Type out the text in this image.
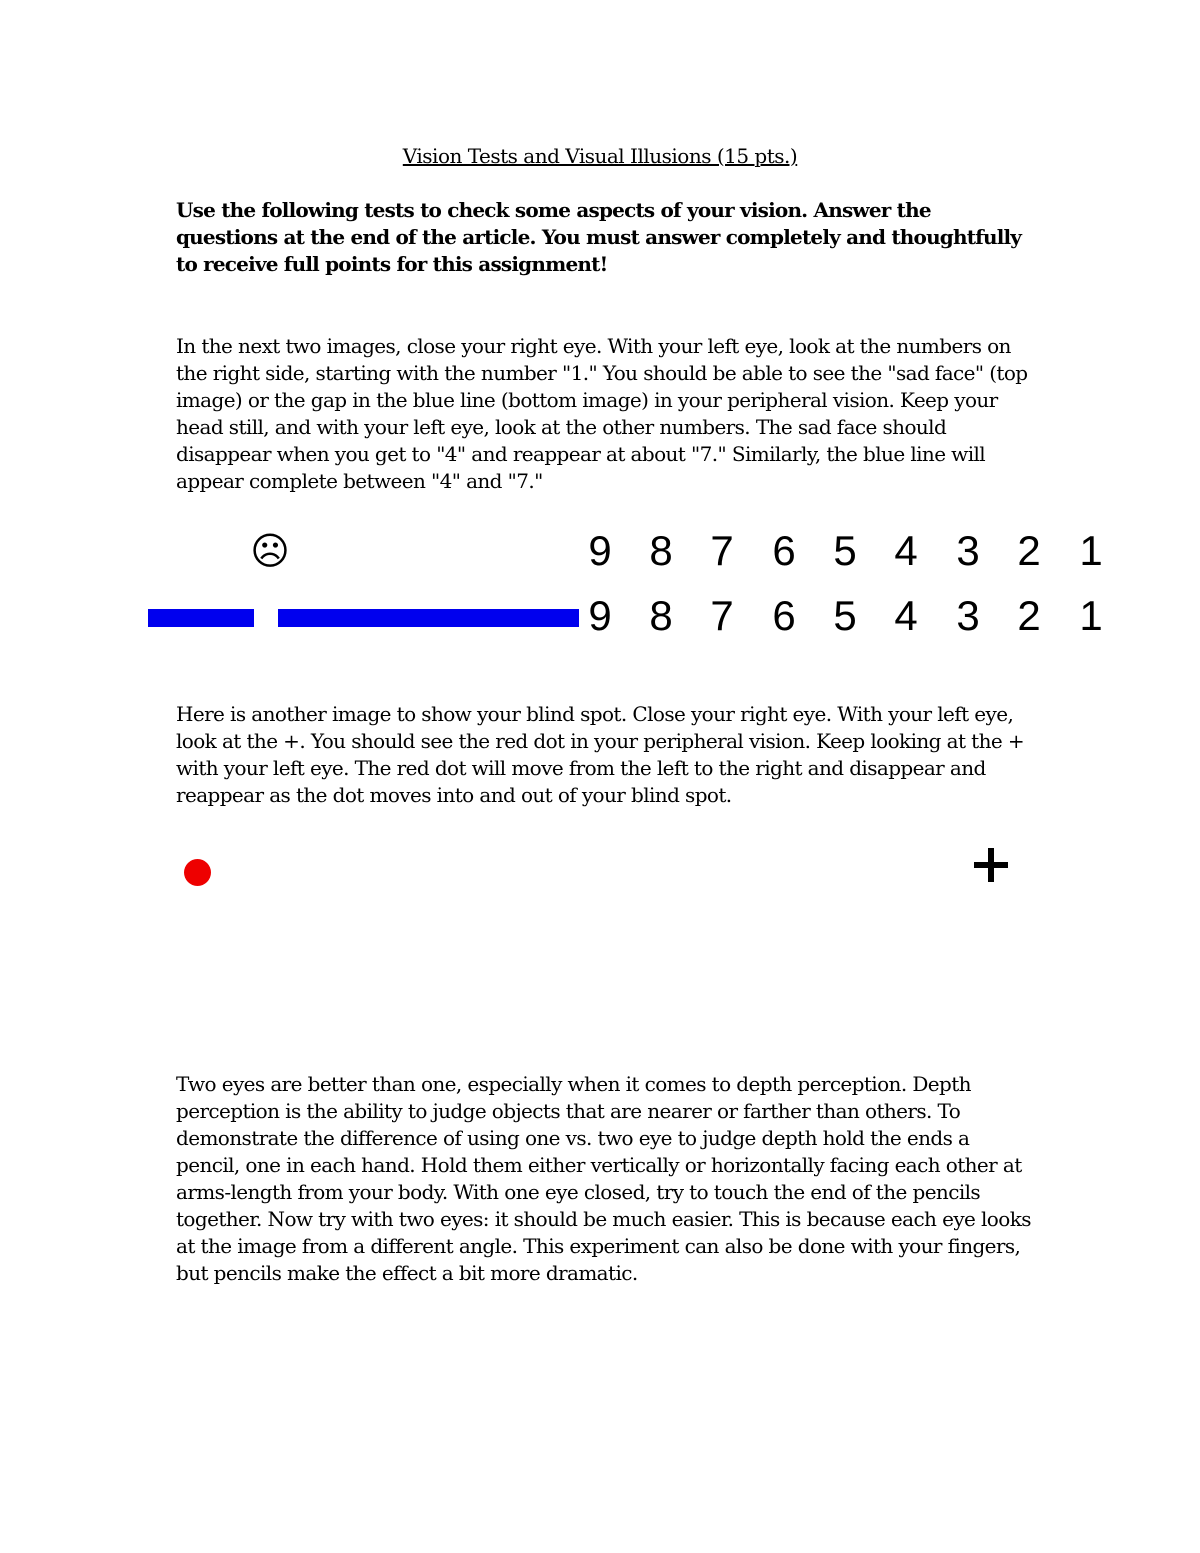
Vision Tests and Visual Illusions (15 pts.)

Use the following tests to check some aspects of your vision. Answer the questions at the end of the article. You must answer completely and thoughtfully to receive full points for this assignment!

In the next two images, close your right eye. With your left eye, look at the numbers on the right side, starting with the number "1." You should be able to see the "sad face" (top image) or the gap in the blue line (bottom image) in your peripheral vision. Keep your head still, and with your left eye, look at the other numbers. The sad face should disappear when you get to "4" and reappear at about "7." Similarly, the blue line will appear complete between "4" and "7."

☹	9 8 7 6 5 4 3 2 1
9 8 7 6 5 4 3 2 1

Here is another image to show your blind spot. Close your right eye. With your left eye, look at the +. You should see the red dot in your peripheral vision. Keep looking at the + with your left eye. The red dot will move from the left to the right and disappear and reappear as the dot moves into and out of your blind spot.

Two eyes are better than one, especially when it comes to depth perception. Depth perception is the ability to judge objects that are nearer or farther than others. To demonstrate the difference of using one vs. two eye to judge depth hold the ends a pencil, one in each hand. Hold them either vertically or horizontally facing each other at arms-length from your body. With one eye closed, try to touch the end of the pencils together. Now try with two eyes: it should be much easier. This is because each eye looks at the image from a different angle. This experiment can also be done with your fingers, but pencils make the effect a bit more dramatic.
